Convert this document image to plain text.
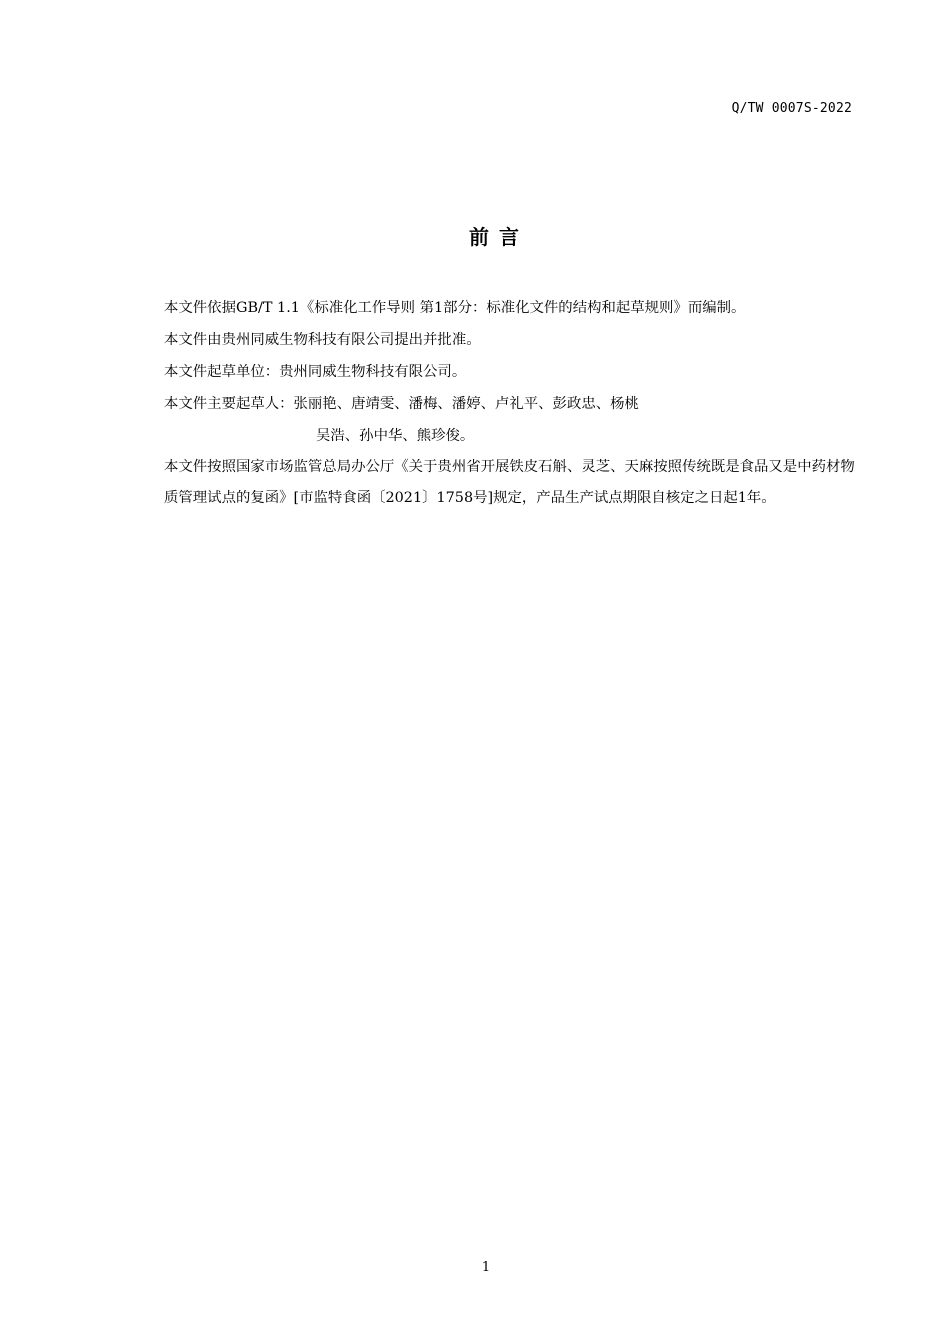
Q/TW 0007S-2022
前言

本文件依据GB/T 1.1《标准化工作导则 第1部分：标准化文件的结构和起草规则》而编制。

本文件由贵州同威生物科技有限公司提出并批准。

本文件起草单位：贵州同威生物科技有限公司。

本文件主要起草人：张丽艳、唐靖雯、潘梅、潘婷、卢礼平、彭政忠、杨桃
吴浩、孙中华、熊珍俊。

本文件按照国家市场监管总局办公厅《关于贵州省开展铁皮石斛、灵芝、天麻按照传统既是食品又是中药材物质管理试点的复函》[市监特食函〔2021〕1758号]规定，产品生产试点期限自核定之日起1年。

1
